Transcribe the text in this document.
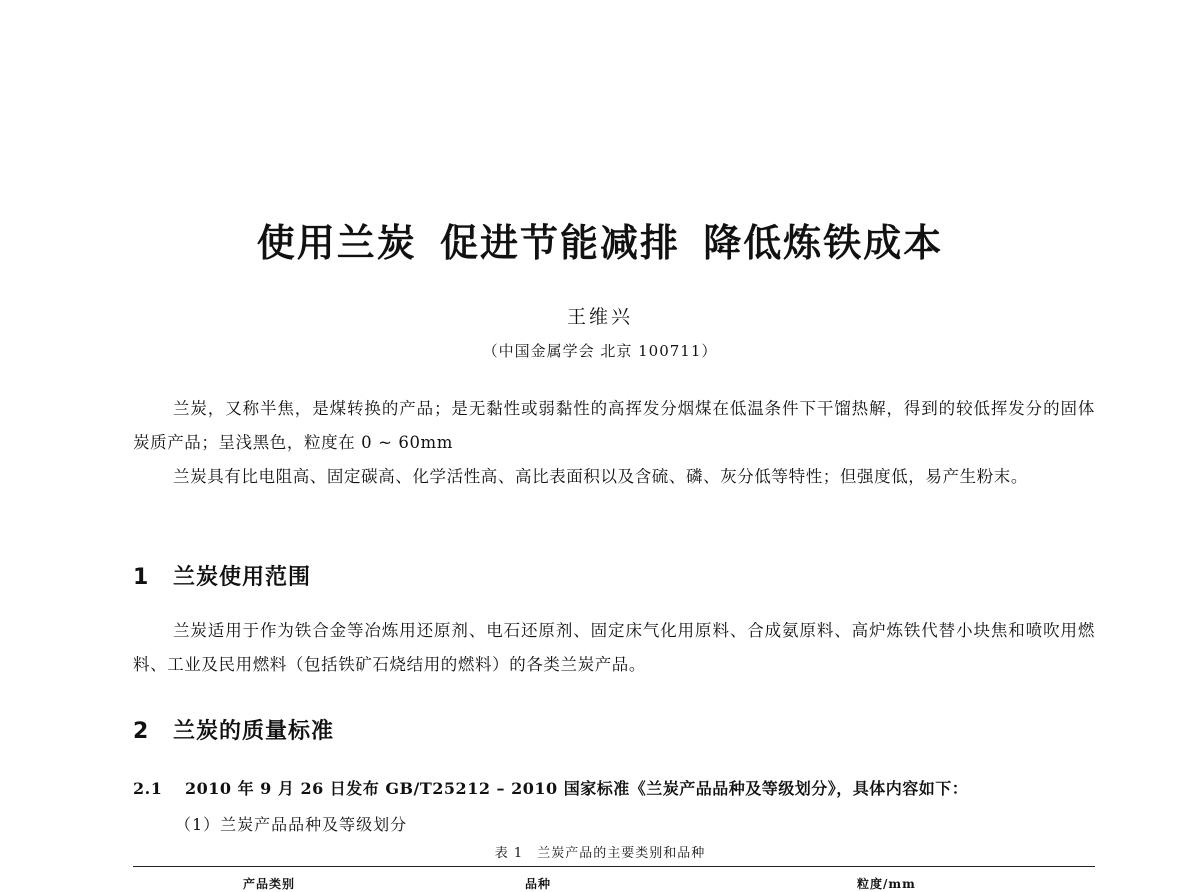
使用兰炭 促进节能减排 降低炼铁成本
王维兴
（中国金属学会 北京 100711）

兰炭，又称半焦，是煤转换的产品；是无黏性或弱黏性的高挥发分烟煤在低温条件下干馏热解，得到的较低挥发分的固体炭质产品；呈浅黑色，粒度在 0 ~ 60mm

兰炭具有比电阻高、固定碳高、化学活性高、高比表面积以及含硫、磷、灰分低等特性；但强度低，易产生粉末。

1 兰炭使用范围

兰炭适用于作为铁合金等冶炼用还原剂、电石还原剂、固定床气化用原料、合成氨原料、高炉炼铁代替小块焦和喷吹用燃料、工业及民用燃料（包括铁矿石烧结用的燃料）的各类兰炭产品。

2 兰炭的质量标准
2.1 2010 年 9 月 26 日发布 GB/T25212 – 2010 国家标准《兰炭产品品种及等级划分》，具体内容如下：
（1）兰炭产品品种及等级划分
表 1　兰炭产品的主要类别和品种
产品类别	品种	粒度/mm
